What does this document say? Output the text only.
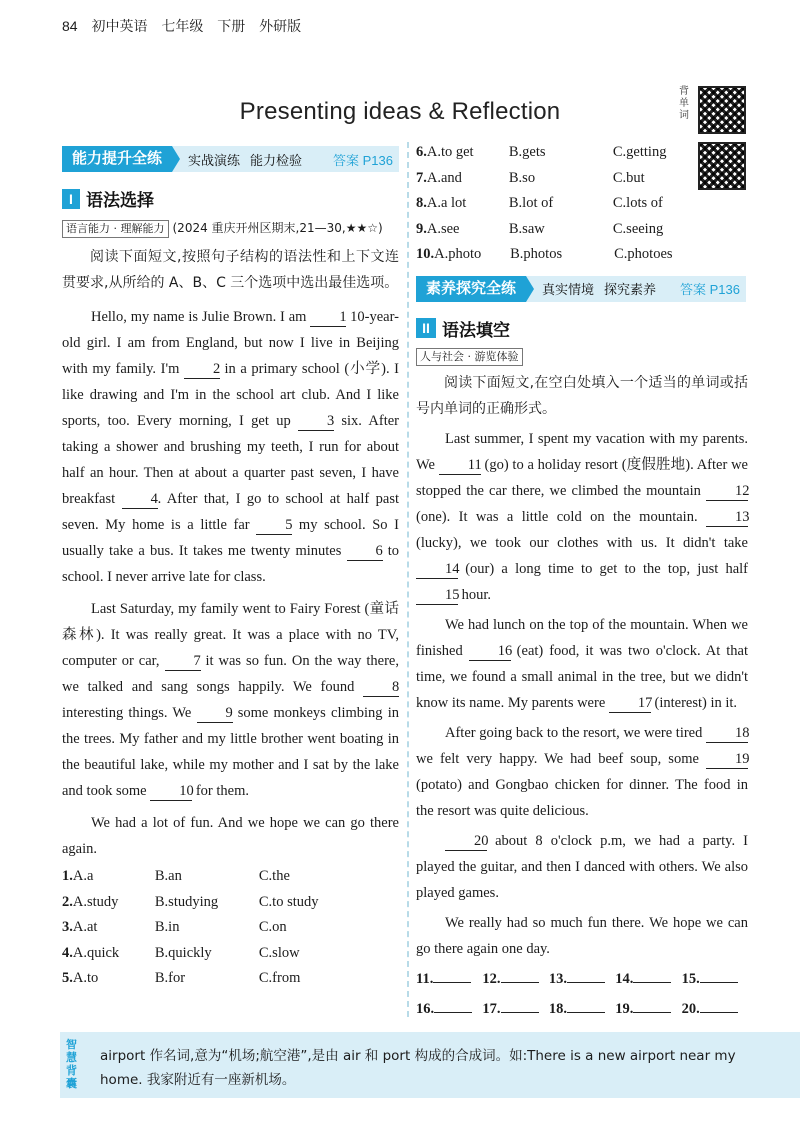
84 初中英语 七年级 下册 外研版
Presenting ideas & Reflection
背单词
能力提升全练	实战演练 能力检验 答案 P136
I 语法选择
语言能力 · 理解能力 (2024 重庆开州区期末,21—30,★★☆)

阅读下面短文,按照句子结构的语法性和上下文连贯要求,从所给的 A、B、C 三个选项中选出最佳选项。

Hello, my name is Julie Brown. I am 1 10-year-old girl. I am from England, but now I live in Beijing with my family. I'm 2 in a primary school (小学). I like drawing and I'm in the school art club. And I like sports, too. Every morning, I get up 3 six. After taking a shower and brushing my teeth, I run for about half an hour. Then at about a quarter past seven, I have breakfast 4. After that, I go to school at half past seven. My home is a little far 5 my school. So I usually take a bus. It takes me twenty minutes 6 to school. I never arrive late for class.

Last Saturday, my family went to Fairy Forest (童话森林). It was really great. It was a place with no TV, computer or car, 7 it was so fun. On the way there, we talked and sang songs happily. We found 8 interesting things. We 9 some monkeys climbing in the trees. My father and my little brother went boating in the beautiful lake, while my mother and I sat by the lake and took some 10 for them.

We had a lot of fun. And we hope we can go there again.

1. A.a	B.an	C.the
2. A.study	B.studying	C.to study
3. A.at	B.in	C.on
4. A.quick	B.quickly	C.slow
5. A.to	B.for	C.from
6. A.to get	B.gets	C.getting
7. A.and	B.so	C.but
8. A.a lot	B.lot of	C.lots of
9. A.see	B.saw	C.seeing
10. A.photo	B.photos	C.photoes
素养探究全练	真实情境 探究素养 答案 P136
II 语法填空
人与社会 · 游览体验

阅读下面短文,在空白处填入一个适当的单词或括号内单词的正确形式。

Last summer, I spent my vacation with my parents. We 11 (go) to a holiday resort (度假胜地). After we stopped the car there, we climbed the mountain 12 (one). It was a little cold on the mountain. 13 (lucky), we took our clothes with us. It didn't take 14 (our) a long time to get to the top, just half 15 hour.

We had lunch on the top of the mountain. When we finished 16 (eat) food, it was two o'clock. At that time, we found a small animal in the tree, but we didn't know its name. My parents were 17 (interest) in it.

After going back to the resort, we were tired 18 we felt very happy. We had beef soup, some 19 (potato) and Gongbao chicken for dinner. The food in the resort was quite delicious.

20 about 8 o'clock p.m, we had a party. I played the guitar, and then I danced with others. We also played games.

We really had so much fun there. We hope we can go there again one day.

11.	12.	13.	14.	15.
16.	17.	18.	19.	20.
智慧背囊
airport 作名词,意为“机场;航空港”,是由 air 和 port 构成的合成词。如:There is a new airport near my home. 我家附近有一座新机场。
